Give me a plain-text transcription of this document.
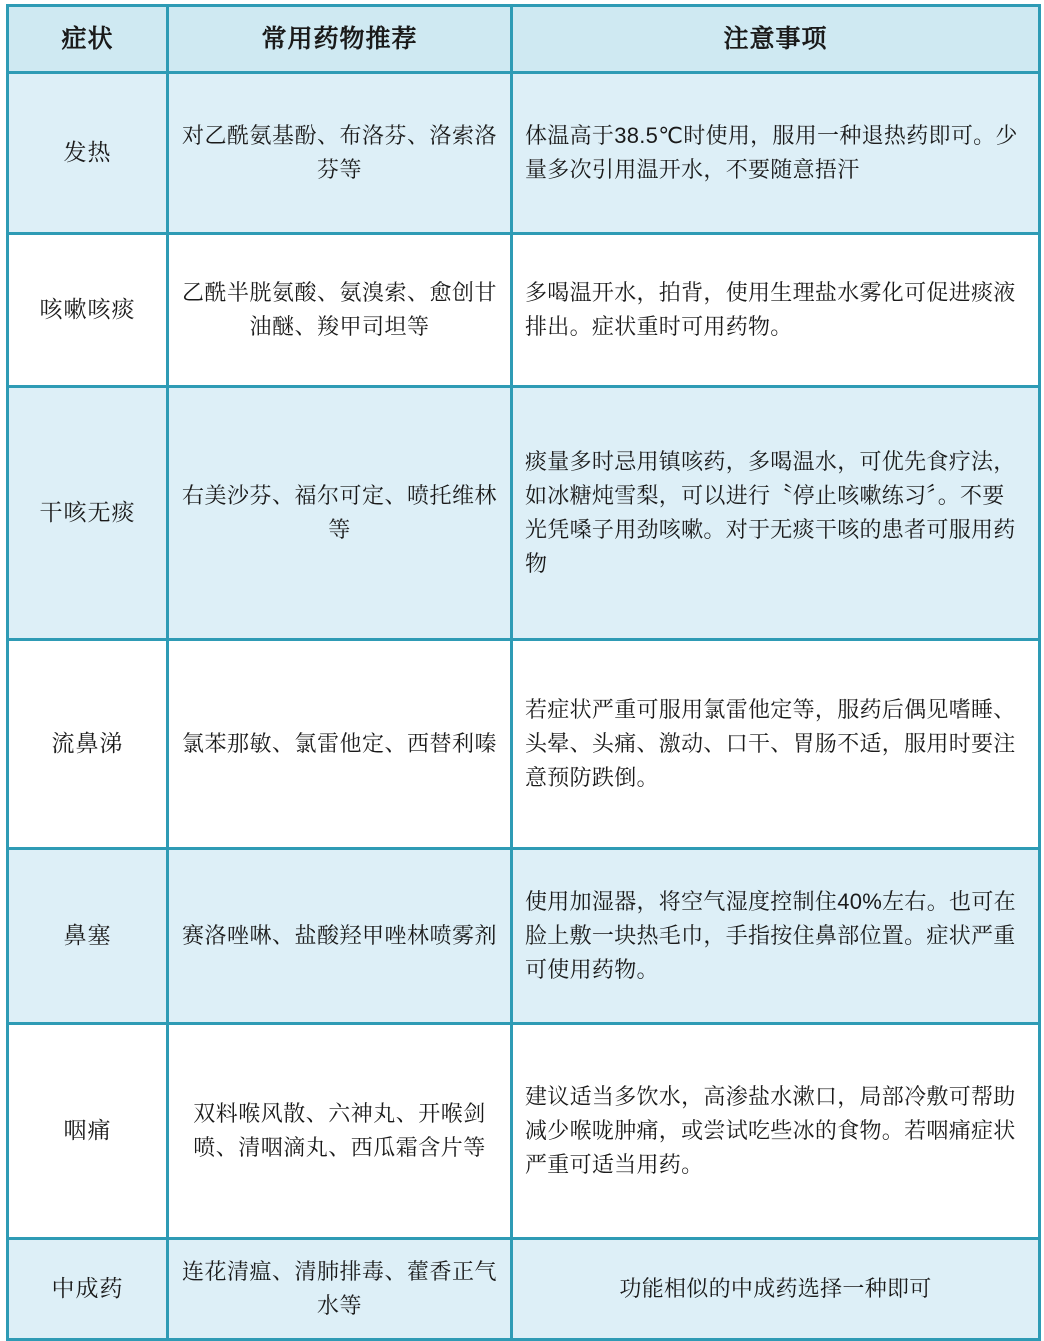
症状	常用药物推荐	注意事项
发热	对乙酰氨基酚、布洛芬、洛索洛芬等	体温高于38.5℃时使用，服用一种退热药即可。少量多次引用温开水，不要随意捂汗
咳嗽咳痰	乙酰半胱氨酸、氨溴索、愈创甘油醚、羧甲司坦等	多喝温开水，拍背，使用生理盐水雾化可促进痰液排出。症状重时可用药物。
干咳无痰	右美沙芬、福尔可定、喷托维林等	痰量多时忌用镇咳药，多喝温水，可优先食疗法，如冰糖炖雪梨，可以进行〝停止咳嗽练习〞。不要光凭嗓子用劲咳嗽。对于无痰干咳的患者可服用药物
流鼻涕	氯苯那敏、氯雷他定、西替利嗪	若症状严重可服用氯雷他定等，服药后偶见嗜睡、头晕、头痛、激动、口干、胃肠不适，服用时要注意预防跌倒。
鼻塞	赛洛唑啉、盐酸羟甲唑林喷雾剂	使用加湿器，将空气湿度控制住40%左右。也可在脸上敷一块热毛巾，手指按住鼻部位置。症状严重可使用药物。
咽痛	双料喉风散、六神丸、开喉剑喷、清咽滴丸、西瓜霜含片等	建议适当多饮水，高渗盐水漱口，局部冷敷可帮助减少喉咙肿痛，或尝试吃些冰的食物。若咽痛症状严重可适当用药。
中成药	连花清瘟、清肺排毒、藿香正气水等	功能相似的中成药选择一种即可
